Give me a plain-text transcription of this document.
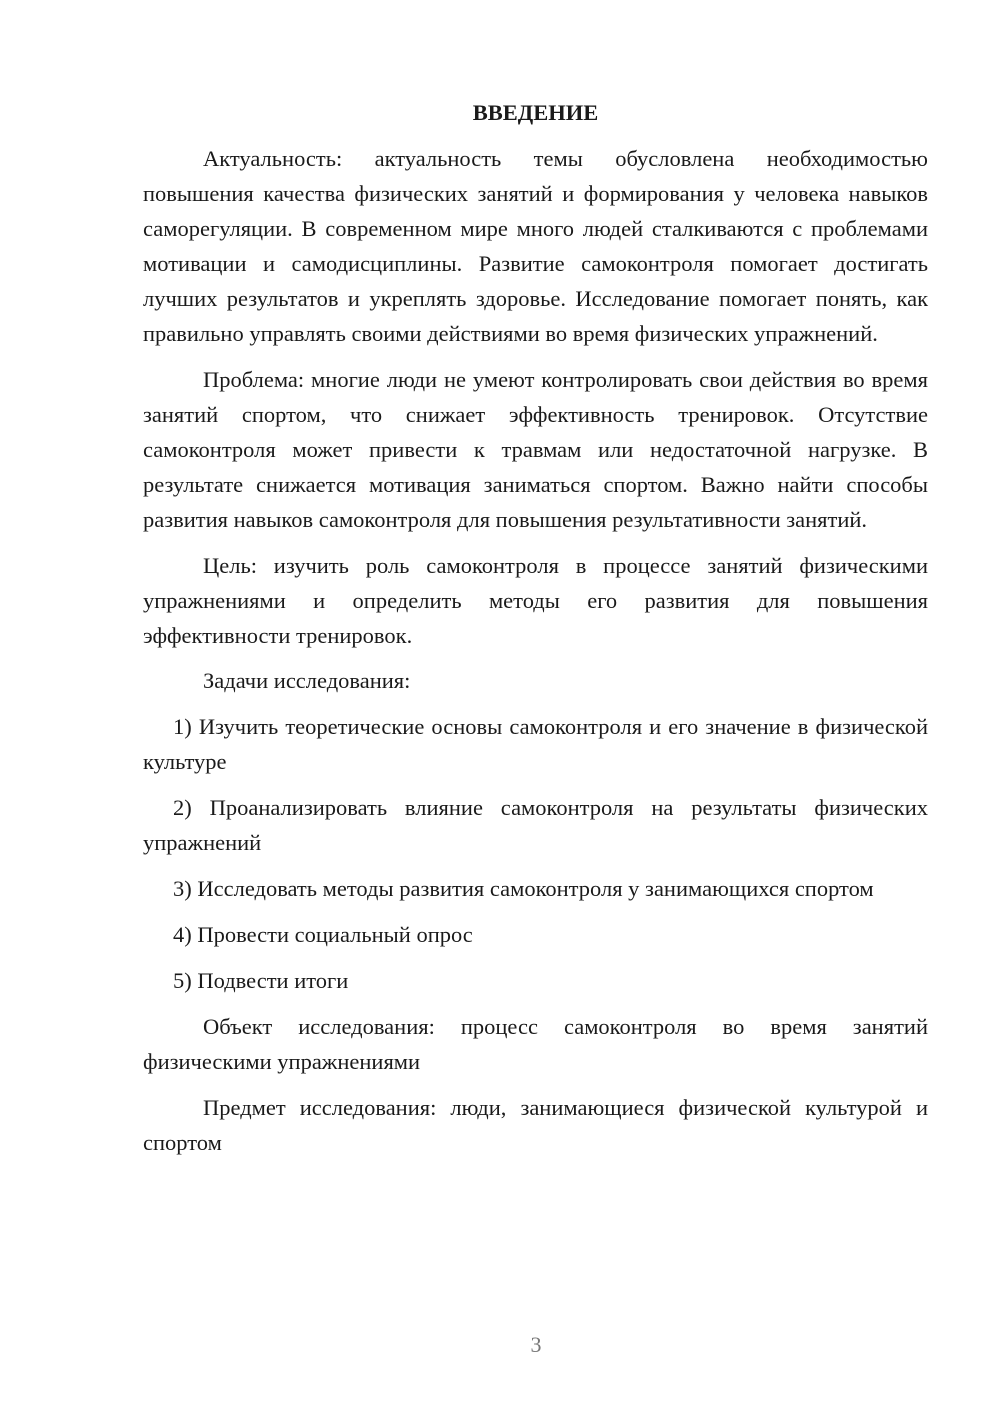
ВВЕДЕНИЕ

Актуальность: актуальность темы обусловлена необходимостью повышения качества физических занятий и формирования у человека навыков саморегуляции. В современном мире много людей сталкиваются с проблемами мотивации и самодисциплины. Развитие самоконтроля помогает достигать лучших результатов и укреплять здоровье. Исследование помогает понять, как правильно управлять своими действиями во время физических упражнений.

Проблема: многие люди не умеют контролировать свои действия во время занятий спортом, что снижает эффективность тренировок. Отсутствие самоконтроля может привести к травмам или недостаточной нагрузке. В результате снижается мотивация заниматься спортом. Важно найти способы развития навыков самоконтроля для повышения результативности занятий.

Цель: изучить роль самоконтроля в процессе занятий физическими упражнениями и определить методы его развития для повышения эффективности тренировок.

Задачи исследования:

1) Изучить теоретические основы самоконтроля и его значение в физической культуре

2) Проанализировать влияние самоконтроля на результаты физических упражнений

3) Исследовать методы развития самоконтроля у занимающихся спортом

4) Провести социальный опрос

5) Подвести итоги

Объект исследования: процесс самоконтроля во время занятий физическими упражнениями

Предмет исследования: люди, занимающиеся физической культурой и спортом

3
